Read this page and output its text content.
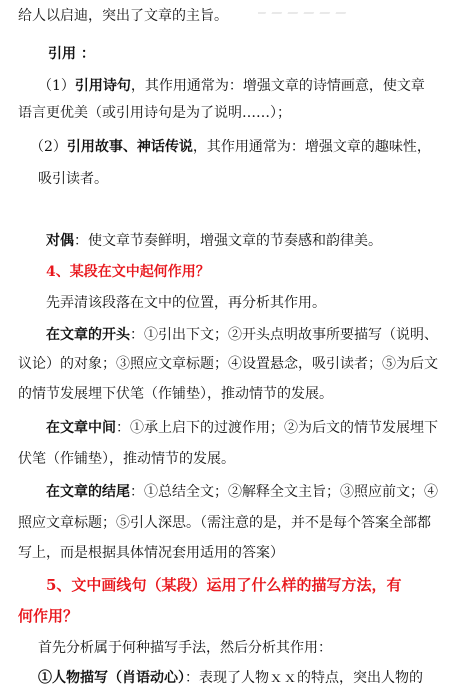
给人以启迪，突出了文章的主旨。
引用 ：
（1）引用诗句，其作用通常为：增强文章的诗情画意，使文章
语言更优美（或引用诗句是为了说明……）；
（2）引用故事、神话传说，其作用通常为：增强文章的趣味性，
吸引读者。
对偶：使文章节奏鲜明，增强文章的节奏感和韵律美。
4、某段在文中起何作用？
先弄清该段落在文中的位置，再分析其作用。
在文章的开头：①引出下文；②开头点明故事所要描写（说明、
议论）的对象；③照应文章标题；④设置悬念，吸引读者；⑤为后文
的情节发展埋下伏笔（作铺垫），推动情节的发展。
在文章中间：①承上启下的过渡作用；②为后文的情节发展埋下
伏笔（作铺垫），推动情节的发展。
在文章的结尾：①总结全文；②解释全文主旨；③照应前文；④
照应文章标题；⑤引人深思。（需注意的是，并不是每个答案全部都
写上，而是根据具体情况套用适用的答案）
5、文中画线句（某段）运用了什么样的描写方法，有
何作用？
首先分析属于何种描写手法，然后分析其作用：
①人物描写（肖语动心）：表现了人物ｘｘ的特点，突出人物的
